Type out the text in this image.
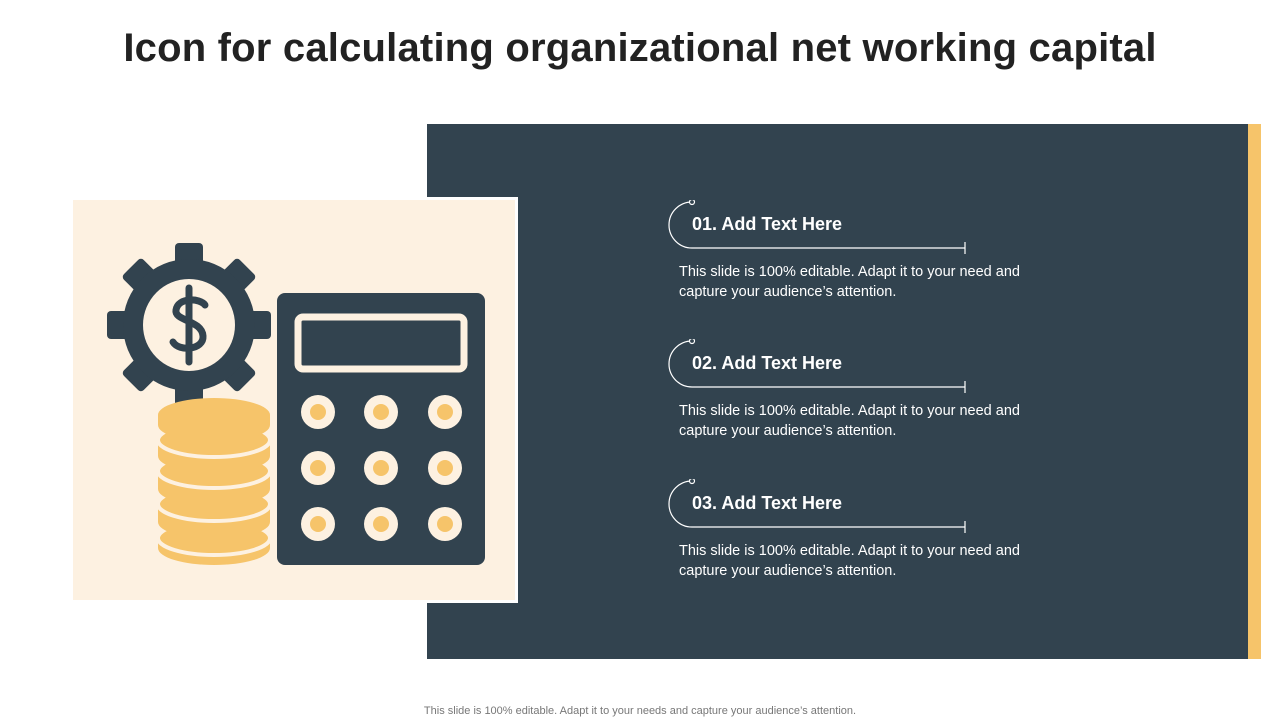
Icon for calculating organizational net working capital
01. Add Text Here
This slide is 100% editable. Adapt it to your need and capture your audience’s attention.
02. Add Text Here
This slide is 100% editable. Adapt it to your need and capture your audience’s attention.
03. Add Text Here
This slide is 100% editable. Adapt it to your need and capture your audience’s attention.
This slide is 100% editable. Adapt it to your needs and capture your audience’s attention.
